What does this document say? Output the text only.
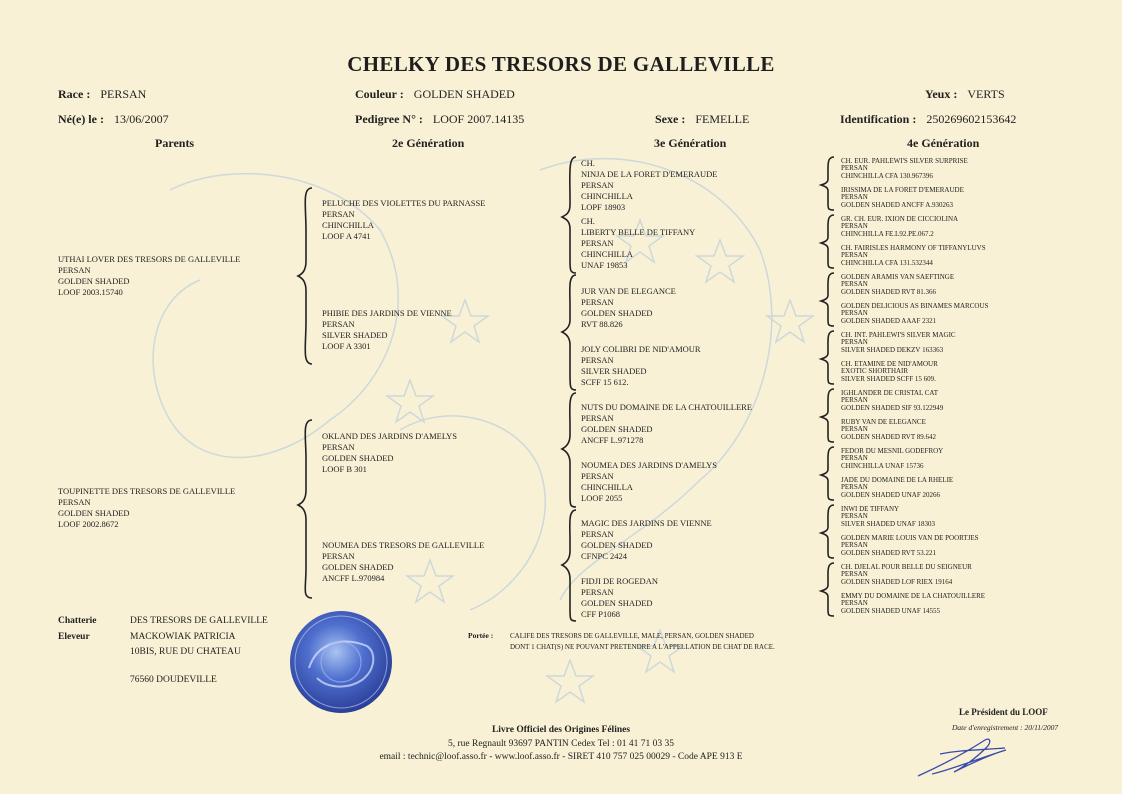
CHELKY DES TRESORS DE GALLEVILLE
Race : PERSAN	Couleur : GOLDEN SHADED	Yeux : VERTS
Né(e) le : 13/06/2007	Pedigree N° : LOOF 2007.14135	Sexe : FEMELLE	Identification : 250269602153642
Parents	2e Génération	3e Génération	4e Génération
UTHAI LOVER DES TRESORS DE GALLEVILLE
PERSAN
GOLDEN SHADED
LOOF 2003.15740
TOUPINETTE DES TRESORS DE GALLEVILLE
PERSAN
GOLDEN SHADED
LOOF 2002.8672
PELUCHE DES VIOLETTES DU PARNASSE
PERSAN
CHINCHILLA
LOOF A 4741
PHIBIE DES JARDINS DE VIENNE
PERSAN
SILVER SHADED
LOOF A 3301
OKLAND DES JARDINS D'AMELYS
PERSAN
GOLDEN SHADED
LOOF B 301
NOUMEA DES TRESORS DE GALLEVILLE
PERSAN
GOLDEN SHADED
ANCFF L.970984
CH.
NINJA DE LA FORET D'EMERAUDE
PERSAN
CHINCHILLA
LOPF 18903
CH.
LIBERTY BELLE DE TIFFANY
PERSAN
CHINCHILLA
UNAF 19853
JUR VAN DE ELEGANCE
PERSAN
GOLDEN SHADED
RVT 88.826
JOLY COLIBRI DE NID'AMOUR
PERSAN
SILVER SHADED
SCFF 15 612.
NUTS DU DOMAINE DE LA CHATOUILLERE
PERSAN
GOLDEN SHADED
ANCFF L.971278
NOUMEA DES JARDINS D'AMELYS
PERSAN
CHINCHILLA
LOOF 2055
MAGIC DES JARDINS DE VIENNE
PERSAN
GOLDEN SHADED
CFNPC 2424
FIDJI DE ROGEDAN
PERSAN
GOLDEN SHADED
CFF P1068
CH. EUR. PAHLEWI'S SILVER SURPRISE
PERSAN
CHINCHILLA CFA 130.967396
IRISSIMA DE LA FORET D'EMERAUDE
PERSAN
GOLDEN SHADED ANCFF A.930263
GR. CH. EUR. IXION DE CICCIOLINA
PERSAN
CHINCHILLA FE.L92.PE.067.2
CH. FAIRISLES HARMONY OF TIFFANYLUVS
PERSAN
CHINCHILLA CFA 131.532344
GOLDEN ARAMIS VAN SAEFTINGE
PERSAN
GOLDEN SHADED RVT 81.366
GOLDEN DELICIOUS AS BINAMES MARCOUS
PERSAN
GOLDEN SHADED AAAF 2321
CH. INT. PAHLEWI'S SILVER MAGIC
PERSAN
SILVER SHADED DEKZV 163363
CH. ETAMINE DE NID'AMOUR
EXOTIC SHORTHAIR
SILVER SHADED SCFF 15 609.
IGHLANDER DE CRISTAL CAT
PERSAN
GOLDEN SHADED SIF 93.122949
RUBY VAN DE ELEGANCE
PERSAN
GOLDEN SHADED RVT 89.642
FEDOR DU MESNIL GODEFROY
PERSAN
CHINCHILLA UNAF 15736
JADE DU DOMAINE DE LA RHELIE
PERSAN
GOLDEN SHADED UNAF 20266
INWI DE TIFFANY
PERSAN
SILVER SHADED UNAF 18303
GOLDEN MARIE LOUIS VAN DE POORTJES
PERSAN
GOLDEN SHADED RVT 53.221
CH. DJELAL POUR BELLE DU SEIGNEUR
PERSAN
GOLDEN SHADED LOF RIEX 19164
EMMY DU DOMAINE DE LA CHATOUILLERE
PERSAN
GOLDEN SHADED UNAF 14555
Chatterie	DES TRESORS DE GALLEVILLE
Eleveur	MACKOWIAK PATRICIA
10BIS, RUE DU CHATEAU
76560 DOUDEVILLE
Portée : CALIFE DES TRESORS DE GALLEVILLE, MALE, PERSAN, GOLDEN SHADED
DONT 1 CHAT(S) NE POUVANT PRETENDRE A L'APPELLATION DE CHAT DE RACE.
Le Président du LOOF
Date d'enregistrement : 20/11/2007
Livre Officiel des Origines Félines
5, rue Regnault 93697 PANTIN Cedex Tel : 01 41 71 03 35
email : technic@loof.asso.fr - www.loof.asso.fr - SIRET 410 757 025 00029 - Code APE 913 E
